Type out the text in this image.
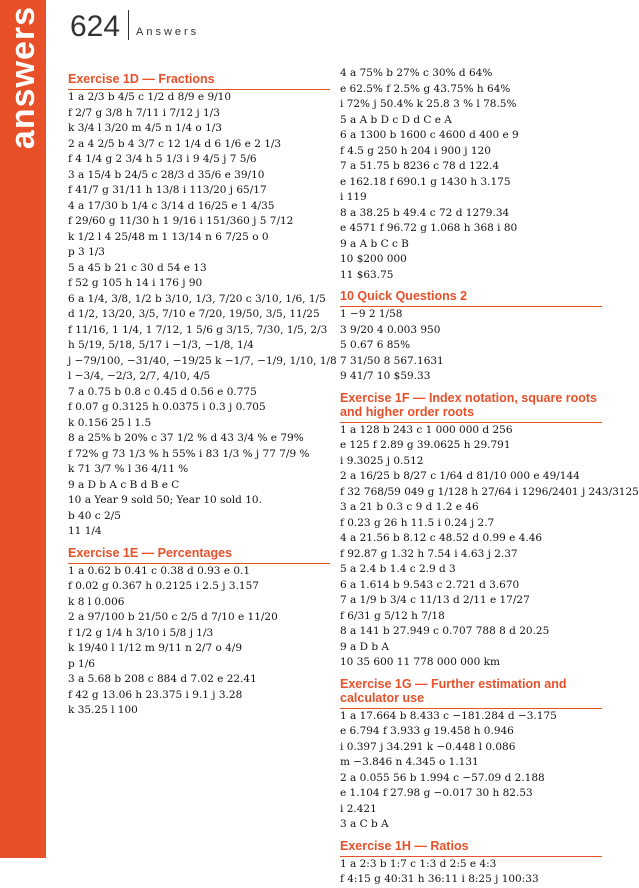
answers 624 Answers
Exercise 1D — Fractions
1 a 2/3 b 4/5 c 1/2 d 8/9 e 9/10
f 2/7 g 3/8 h 7/11 i 7/12 j 1/3
k 3/4 l 3/20 m 4/5 n 1/4 o 1/3
2 a 4 2/5 b 4 3/7 c 12 1/4 d 6 1/6 e 2 1/3
f 4 1/4 g 2 3/4 h 5 1/3 i 9 4/5 j 7 5/6
3 a 15/4 b 24/5 c 28/3 d 35/6 e 39/10
f 41/7 g 31/11 h 13/8 i 113/20 j 65/17
4 a 17/30 b 1/4 c 3/14 d 16/25 e 1 4/35
f 29/60 g 11/30 h 1 9/16 i 151/360 j 5 7/12
k 1/2 l 4 25/48 m 1 13/14 n 6 7/25 o 0
p 3 1/3
5 a 45 b 21 c 30 d 54 e 13
f 52 g 105 h 14 i 176 j 90
6 a 1/4, 3/8, 1/2 b 3/10, 1/3, 7/20 c 3/10, 1/6, 1/5
d 1/2, 13/20, 3/5, 7/10 e 7/20, 19/50, 3/5, 11/25
f 11/16, 1 1/4, 1 7/12, 1 5/6 g 3/15, 7/30, 1/5, 2/3
h 5/19, 5/18, 5/17 i −1/3, −1/8, 1/4
j −79/100, −31/40, −19/25 k −1/7, −1/9, 1/10, 1/8
l −3/4, −2/3, 2/7, 4/10, 4/5
7 a 0.75 b 0.8 c 0.45 d 0.56 e 0.775
f 0.07 g 0.3125 h 0.0375 i 0.3 j 0.705
k 0.156 25 l 1.5
8 a 25% b 20% c 37 1/2 % d 43 3/4 % e 79%
f 72% g 73 1/3 % h 55% i 83 1/3 % j 77 7/9 %
k 71 3/7 % l 36 4/11 %
9 a D b A c B d B e C
10 a Year 9 sold 50; Year 10 sold 10.
b 40 c 2/5
11 1/4
Exercise 1E — Percentages
1 a 0.62 b 0.41 c 0.38 d 0.93 e 0.1
f 0.02 g 0.367 h 0.2125 i 2.5 j 3.157
k 8 l 0.006
2 a 97/100 b 21/50 c 2/5 d 7/10 e 11/20
f 1/2 g 1/4 h 3/10 i 5/8 j 1/3
k 19/40 l 1/12 m 9/11 n 2/7 o 4/9
p 1/6
3 a 5.68 b 208 c 884 d 7.02 e 22.41
f 42 g 13.06 h 23.375 i 9.1 j 3.28
k 35.25 l 100
4 a 75% b 27% c 30% d 64%
e 62.5% f 2.5% g 43.75% h 64%
i 72% j 50.4% k 25.8 3 % l 78.5%
5 a A b D c D d C e A
6 a 1300 b 1600 c 4600 d 400 e 9
f 4.5 g 250 h 204 i 900 j 120
7 a 51.75 b 8236 c 78 d 122.4
e 162.18 f 690.1 g 1430 h 3.175
i 119
8 a 38.25 b 49.4 c 72 d 1279.34
e 4571 f 96.72 g 1.068 h 368 i 80
9 a A b C c B
10 $200 000
11 $63.75
10 Quick Questions 2
1 −9 2 1/58
3 9/20 4 0.003 950
5 0.67 6 85%
7 31/50 8 567.1631
9 41/7 10 $59.33
Exercise 1F — Index notation, square roots and higher order roots
1 a 128 b 243 c 1 000 000 d 256
e 125 f 2.89 g 39.0625 h 29.791
i 9.3025 j 0.512
2 a 16/25 b 8/27 c 1/64 d 81/10 000 e 49/144
f 32 768/59 049 g 1/128 h 27/64 i 1296/2401 j 243/3125
3 a 21 b 0.3 c 9 d 1.2 e 46
f 0.23 g 26 h 11.5 i 0.24 j 2.7
4 a 21.56 b 8.12 c 48.52 d 0.99 e 4.46
f 92.87 g 1.32 h 7.54 i 4.63 j 2.37
5 a 2.4 b 1.4 c 2.9 d 3
6 a 1.614 b 9.543 c 2.721 d 3.670
7 a 1/9 b 3/4 c 11/13 d 2/11 e 17/27
f 6/31 g 5/12 h 7/18
8 a 141 b 27.949 c 0.707 788 8 d 20.25
9 a D b A
10 35 600 11 778 000 000 km
Exercise 1G — Further estimation and calculator use
1 a 17.664 b 8.433 c −181.284 d −3.175
e 6.794 f 3.933 g 19.458 h 0.946
i 0.397 j 34.291 k −0.448 l 0.086
m −3.846 n 4.345 o 1.131
2 a 0.055 56 b 1.994 c −57.09 d 2.188
e 1.104 f 27.98 g −0.017 30 h 82.53
i 2.421
3 a C b A
Exercise 1H — Ratios
1 a 2:3 b 1:7 c 1:3 d 2:5 e 4:3
f 4:15 g 40:31 h 36:11 i 8:25 j 100:33
